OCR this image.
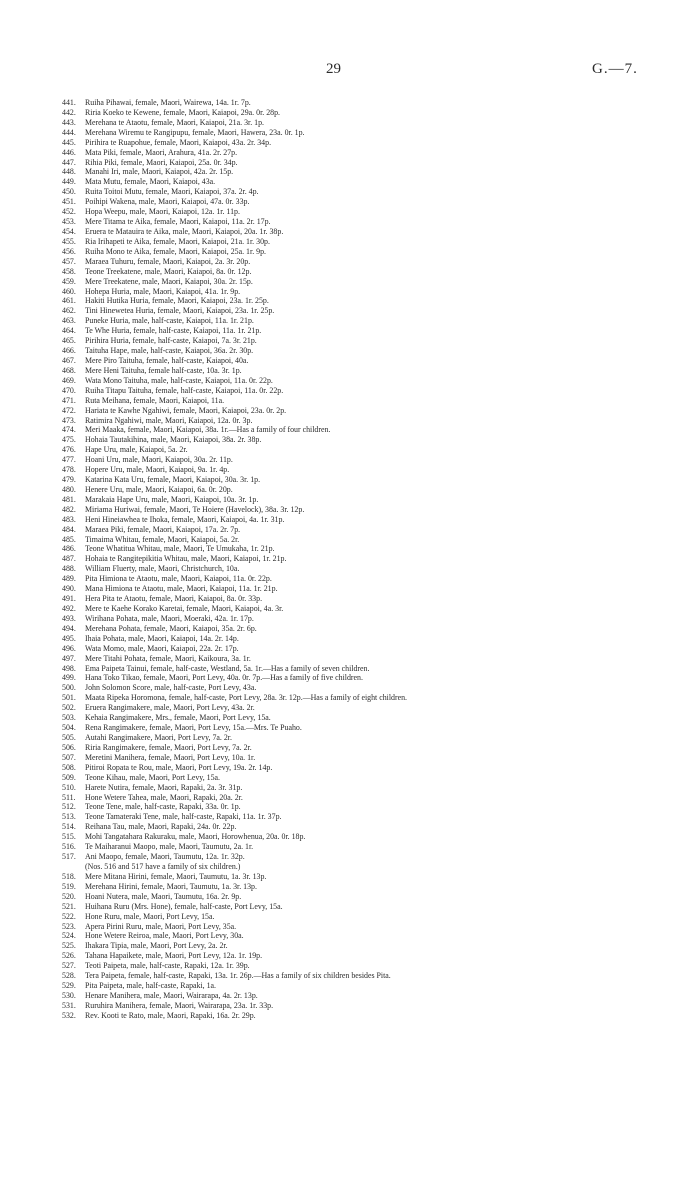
29	G.—7.
441. Ruiha Pihawai, female, Maori, Wairewa, 14a. 1r. 7p.
442. Riria Koeko te Kewene, female, Maori, Kaiapoi, 29a. 0r. 28p.
443. Merehana te Ataotu, female, Maori, Kaiapoi, 21a. 3r. 1p.
444. Merehana Wiremu te Rangipupu, female, Maori, Hawera, 23a. 0r. 1p.
445. Pirihira te Ruapohue, female, Maori, Kaiapoi, 43a. 2r. 34p.
446. Mata Piki, female, Maori, Arahura, 41a. 2r. 27p.
447. Rihia Piki, female, Maori, Kaiapoi, 25a. 0r. 34p.
448. Manahi Iri, male, Maori, Kaiapoi, 42a. 2r. 15p.
449. Mata Mutu, female, Maori, Kaiapoi, 43a.
450. Ruita Toitoi Mutu, female, Maori, Kaiapoi, 37a. 2r. 4p.
451. Poihipi Wakena, male, Maori, Kaiapoi, 47a. 0r. 33p.
452. Hopa Weepu, male, Maori, Kaiapoi, 12a. 1r. 11p.
453. Mere Titama te Aika, female, Maori, Kaiapoi, 11a. 2r. 17p.
454. Eruera te Matauira te Aika, male, Maori, Kaiapoi, 20a. 1r. 38p.
455. Ria Irihapeti te Aika, female, Maori, Kaiapoi, 21a. 1r. 30p.
456. Ruiha Mono te Aika, female, Maori, Kaiapoi, 25a. 1r. 9p.
457. Maraea Tuhuru, female, Maori, Kaiapoi, 2a. 3r. 20p.
458. Teone Treekatene, male, Maori, Kaiapoi, 8a. 0r. 12p.
459. Mere Treekatene, male, Maori, Kaiapoi, 30a. 2r. 15p.
460. Hohepa Huria, male, Maori, Kaiapoi, 41a. 1r. 9p.
461. Hakiti Hutika Huria, female, Maori, Kaiapoi, 23a. 1r. 25p.
462. Tini Hinewetea Huria, female, Maori, Kaiapoi, 23a. 1r. 25p.
463. Puneke Huria, male, half-caste, Kaiapoi, 11a. 1r. 21p.
464. Te Whe Huria, female, half-caste, Kaiapoi, 11a. 1r. 21p.
465. Pirihira Huria, female, half-caste, Kaiapoi, 7a. 3r. 21p.
466. Taituha Hape, male, half-caste, Kaiapoi, 36a. 2r. 30p.
467. Mere Piro Taituha, female, half-caste, Kaiapoi, 40a.
468. Mere Heni Taituha, female half-caste, 10a. 3r. 1p.
469. Wata Mono Taituha, male, half-caste, Kaiapoi, 11a. 0r. 22p.
470. Ruiha Titapu Taituha, female, half-caste, Kaiapoi, 11a. 0r. 22p.
471. Ruta Meihana, female, Maori, Kaiapoi, 11a.
472. Hariata te Kawhe Ngahiwi, female, Maori, Kaiapoi, 23a. 0r. 2p.
473. Ratimira Ngahiwi, male, Maori, Kaiapoi, 12a. 0r. 3p.
474. Meri Maaka, female, Maori, Kaiapoi, 38a. 1r.—Has a family of four children.
475. Hohaia Tautakihina, male, Maori, Kaiapoi, 38a. 2r. 38p.
476. Hape Uru, male, Kaiapoi, 5a. 2r.
477. Hoani Uru, male, Maori, Kaiapoi, 30a. 2r. 11p.
478. Hopere Uru, male, Maori, Kaiapoi, 9a. 1r. 4p.
479. Katarina Kata Uru, female, Maori, Kaiapoi, 30a. 3r. 1p.
480. Henere Uru, male, Maori, Kaiapoi, 6a. 0r. 20p.
481. Marakaia Hape Uru, male, Maori, Kaiapoi, 10a. 3r. 1p.
482. Miriama Huriwai, female, Maori, Te Hoiere (Havelock), 38a. 3r. 12p.
483. Heni Hineiawhea te Ihoka, female, Maori, Kaiapoi, 4a. 1r. 31p.
484. Maraea Piki, female, Maori, Kaiapoi, 17a. 2r. 7p.
485. Timaima Whitau, female, Maori, Kaiapoi, 5a. 2r.
486. Teone Whatitua Whitau, male, Maori, Te Umukaha, 1r. 21p.
487. Hohaia te Rangitepikitia Whitau, male, Maori, Kaiapoi, 1r. 21p.
488. William Fluerty, male, Maori, Christchurch, 10a.
489. Pita Himiona te Ataotu, male, Maori, Kaiapoi, 11a. 0r. 22p.
490. Mana Himiona te Ataotu, male, Maori, Kaiapoi, 11a. 1r. 21p.
491. Hera Pita te Ataotu, female, Maori, Kaiapoi, 8a. 0r. 33p.
492. Mere te Kaehe Korako Karetai, female, Maori, Kaiapoi, 4a. 3r.
493. Wirihana Pohata, male, Maori, Moeraki, 42a. 1r. 17p.
494. Merehana Pohata, female, Maori, Kaiapoi, 35a. 2r. 6p.
495. Ihaia Pohata, male, Maori, Kaiapoi, 14a. 2r. 14p.
496. Wata Momo, male, Maori, Kaiapoi, 22a. 2r. 17p.
497. Mere Titahi Pohata, female, Maori, Kaikoura, 3a. 1r.
498. Ema Paipeta Tainui, female, half-caste, Westland, 5a. 1r.—Has a family of seven children.
499. Hana Toko Tikao, female, Maori, Port Levy, 40a. 0r. 7p.—Has a family of five children.
500. John Solomon Score, male, half-caste, Port Levy, 43a.
501. Maata Ripeka Horomona, female, half-caste, Port Levy, 28a. 3r. 12p.—Has a family of eight children.
502. Eruera Rangimakere, male, Maori, Port Levy, 43a. 2r.
503. Kehaia Rangimakere, Mrs., female, Maori, Port Levy, 15a.
504. Rena Rangimakere, female, Maori, Port Levy, 15a.—Mrs. Te Puaho.
505. Autahi Rangimakere, Maori, Port Levy, 7a. 2r.
506. Riria Rangimakere, female, Maori, Port Levy, 7a. 2r.
507. Meretini Manihera, female, Maori, Port Levy, 10a. 1r.
508. Pitiroi Ropata te Rou, male, Maori, Port Levy, 19a. 2r. 14p.
509. Teone Kihau, male, Maori, Port Levy, 15a.
510. Harete Nutira, female, Maori, Rapaki, 2a. 3r. 31p.
511. Hone Wetere Tahea, male, Maori, Rapaki, 20a. 2r.
512. Teone Tene, male, half-caste, Rapaki, 33a. 0r. 1p.
513. Teone Tamateraki Tene, male, half-caste, Rapaki, 11a. 1r. 37p.
514. Reihana Tau, male, Maori, Rapaki, 24a. 0r. 22p.
515. Mohi Tangatahara Rakuraku, male, Maori, Horowhenua, 20a. 0r. 18p.
516. Te Maiharanui Maopo, male, Maori, Taumutu, 2a. 1r.
517. Ani Maopo, female, Maori, Taumutu, 12a. 1r. 32p.
(Nos. 516 and 517 have a family of six children.)
518. Mere Mitana Hirini, female, Maori, Taumutu, 1a. 3r. 13p.
519. Merehana Hirini, female, Maori, Taumutu, 1a. 3r. 13p.
520. Hoani Nutera, male, Maori, Taumutu, 16a. 2r. 9p.
521. Huihana Ruru (Mrs. Hone), female, half-caste, Port Levy, 15a.
522. Hone Ruru, male, Maori, Port Levy, 15a.
523. Apera Pirini Ruru, male, Maori, Port Levy, 35a.
524. Hone Wetere Reiroa, male, Maori, Port Levy, 30a.
525. Ihakara Tipia, male, Maori, Port Levy, 2a. 2r.
526. Tahana Hapaikete, male, Maori, Port Levy, 12a. 1r. 19p.
527. Teoti Paipeta, male, half-caste, Rapaki, 12a. 1r. 39p.
528. Tera Paipeta, female, half-caste, Rapaki, 13a. 1r. 26p.—Has a family of six children besides Pita.
529. Pita Paipeta, male, half-caste, Rapaki, 1a.
530. Henare Manihera, male, Maori, Wairarapa, 4a. 2r. 13p.
531. Ruruhira Manihera, female, Maori, Wairarapa, 23a. 1r. 33p.
532. Rev. Kooti te Rato, male, Maori, Rapaki, 16a. 2r. 29p.
